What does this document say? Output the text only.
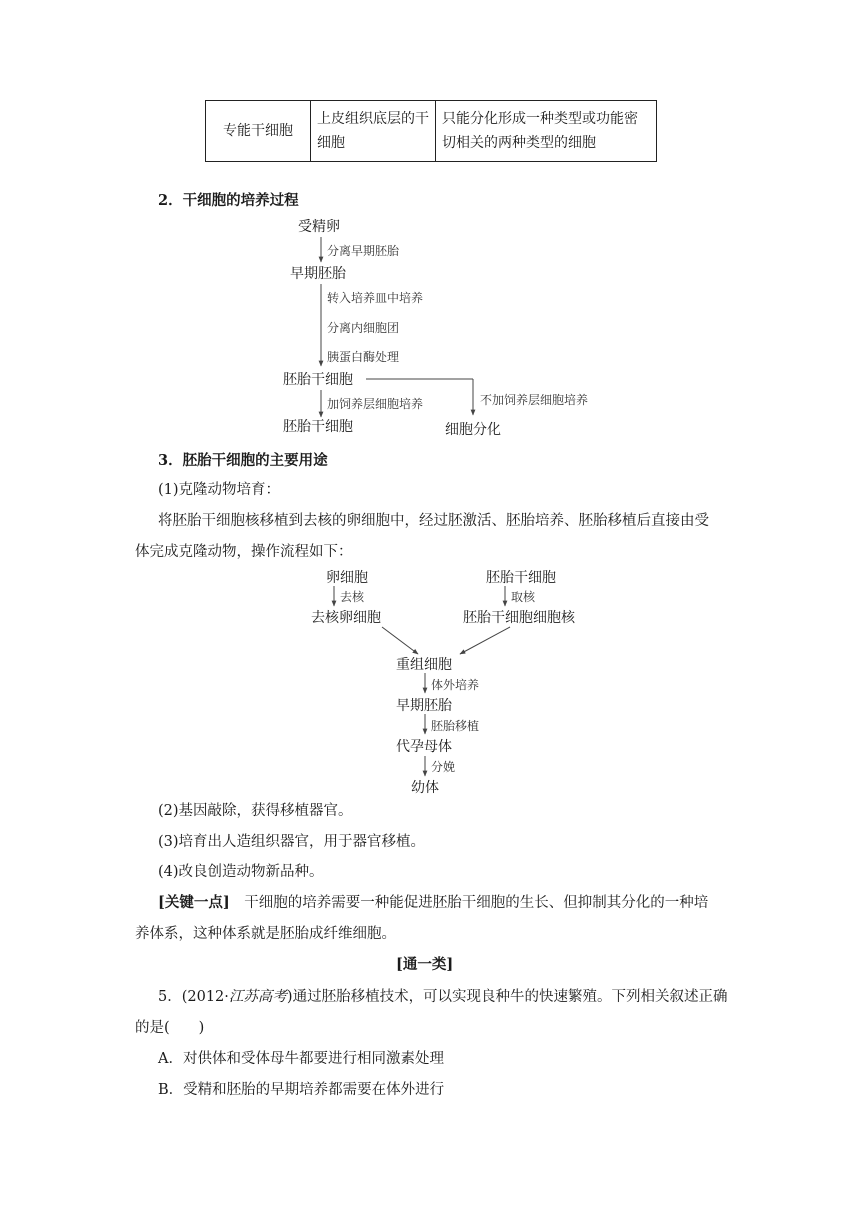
专能干细胞	上皮组织底层的干细胞	只能分化形成一种类型或功能密切相关的两种类型的细胞
2．干细胞的培养过程
受精卵
分离早期胚胎
早期胚胎
转入培养皿中培养
分离内细胞团
胰蛋白酶处理
胚胎干细胞
加饲养层细胞培养	不加饲养层细胞培养
胚胎干细胞	细胞分化
3．胚胎干细胞的主要用途
(1)克隆动物培育：
将胚胎干细胞核移植到去核的卵细胞中，经过胚激活、胚胎培养、胚胎移植后直接由受
体完成克隆动物，操作流程如下：
卵细胞
去核
去核卵细胞
胚胎干细胞
取核
胚胎干细胞细胞核
重组细胞
体外培养
早期胚胎
胚胎移植
代孕母体
分娩
幼体
(2)基因敲除，获得移植器官。
(3)培育出人造组织器官，用于器官移植。
(4)改良创造动物新品种。
[关键一点]　干细胞的培养需要一种能促进胚胎干细胞的生长、但抑制其分化的一种培
养体系，这种体系就是胚胎成纤维细胞。
[通一类]
5．(2012·江苏高考)通过胚胎移植技术，可以实现良种牛的快速繁殖。下列相关叙述正确
的是(　　)
A．对供体和受体母牛都要进行相同激素处理
B．受精和胚胎的早期培养都需要在体外进行
